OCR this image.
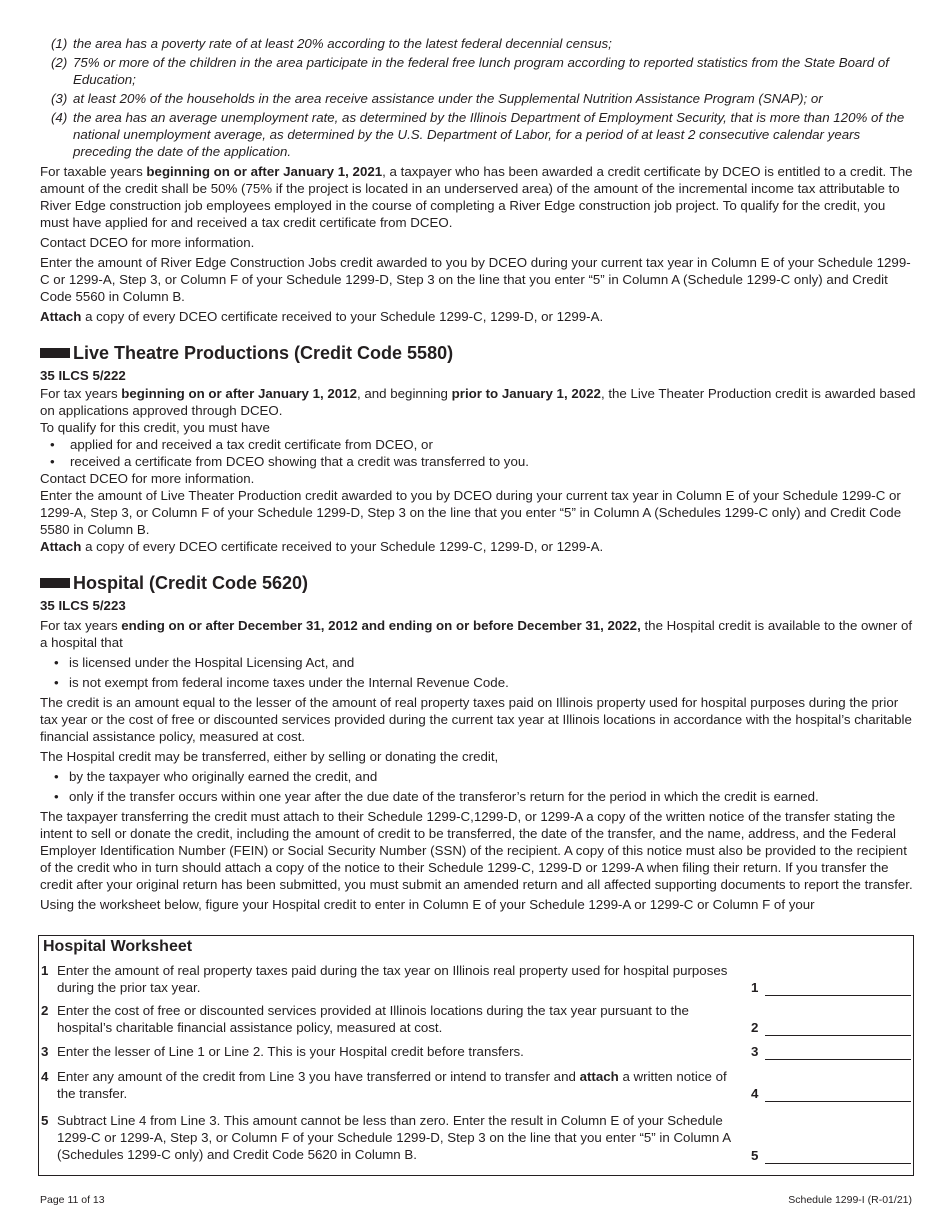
(1) the area has a poverty rate of at least 20% according to the latest federal decennial census;
(2) 75% or more of the children in the area participate in the federal free lunch program according to reported statistics from the State Board of Education;
(3) at least 20% of the households in the area receive assistance under the Supplemental Nutrition Assistance Program (SNAP); or
(4) the area has an average unemployment rate, as determined by the Illinois Department of Employment Security, that is more than 120% of the national unemployment average, as determined by the U.S. Department of Labor, for a period of at least 2 consecutive calendar years preceding the date of the application.

For taxable years beginning on or after January 1, 2021, a taxpayer who has been awarded a credit certificate by DCEO is entitled to a credit. The amount of the credit shall be 50% (75% if the project is located in an underserved area) of the amount of the incremental income tax attributable to River Edge construction job employees employed in the course of completing a River Edge construction job project. To qualify for the credit, you must have applied for and received a tax credit certificate from DCEO.

Contact DCEO for more information.

Enter the amount of River Edge Construction Jobs credit awarded to you by DCEO during your current tax year in Column E of your Schedule 1299-C or 1299-A, Step 3, or Column F of your Schedule 1299-D, Step 3 on the line that you enter “5” in Column A (Schedule 1299-C only) and Credit Code 5560 in Column B.

Attach a copy of every DCEO certificate received to your Schedule 1299-C, 1299-D, or 1299-A.

Live Theatre Productions (Credit Code 5580)

35 ILCS 5/222

For tax years beginning on or after January 1, 2012, and beginning prior to January 1, 2022, the Live Theater Production credit is awarded based on applications approved through DCEO.

To qualify for this credit, you must have

• applied for and received a tax credit certificate from DCEO, or
• received a certificate from DCEO showing that a credit was transferred to you.

Contact DCEO for more information.

Enter the amount of Live Theater Production credit awarded to you by DCEO during your current tax year in Column E of your Schedule 1299-C or 1299-A, Step 3, or Column F of your Schedule 1299-D, Step 3 on the line that you enter “5” in Column A (Schedules 1299-C only) and Credit Code 5580 in Column B.

Attach a copy of every DCEO certificate received to your Schedule 1299-C, 1299-D, or 1299-A.

Hospital (Credit Code 5620)

35 ILCS 5/223

For tax years ending on or after December 31, 2012 and ending on or before December 31, 2022, the Hospital credit is available to the owner of a hospital that

• is licensed under the Hospital Licensing Act, and
• is not exempt from federal income taxes under the Internal Revenue Code.

The credit is an amount equal to the lesser of the amount of real property taxes paid on Illinois property used for hospital purposes during the prior tax year or the cost of free or discounted services provided during the current tax year at Illinois locations in accordance with the hospital’s charitable financial assistance policy, measured at cost.

The Hospital credit may be transferred, either by selling or donating the credit,

• by the taxpayer who originally earned the credit, and
• only if the transfer occurs within one year after the due date of the transferor’s return for the period in which the credit is earned.

The taxpayer transferring the credit must attach to their Schedule 1299-C,1299-D, or 1299-A a copy of the written notice of the transfer stating the intent to sell or donate the credit, including the amount of credit to be transferred, the date of the transfer, and the name, address, and the Federal Employer Identification Number (FEIN) or Social Security Number (SSN) of the recipient. A copy of this notice must also be provided to the recipient of the credit who in turn should attach a copy of the notice to their Schedule 1299-C, 1299-D or 1299-A when filing their return. If you transfer the credit after your original return has been submitted, you must submit an amended return and all affected supporting documents to report the transfer.

Using the worksheet below, figure your Hospital credit to enter in Column E of your Schedule 1299-A or 1299-C or Column F of your

Hospital Worksheet
1 Enter the amount of real property taxes paid during the tax year on Illinois real property used for hospital purposes during the prior tax year.	1
2 Enter the cost of free or discounted services provided at Illinois locations during the tax year pursuant to the hospital’s charitable financial assistance policy, measured at cost.	2
3 Enter the lesser of Line 1 or Line 2. This is your Hospital credit before transfers.	3
4 Enter any amount of the credit from Line 3 you have transferred or intend to transfer and attach a written notice of the transfer.	4
5 Subtract Line 4 from Line 3. This amount cannot be less than zero. Enter the result in Column E of your Schedule 1299-C or 1299-A, Step 3, or Column F of your Schedule 1299-D, Step 3 on the line that you enter “5” in Column A (Schedules 1299-C only) and Credit Code 5620 in Column B.	5
Page 11 of 13	Schedule 1299-I (R-01/21)
